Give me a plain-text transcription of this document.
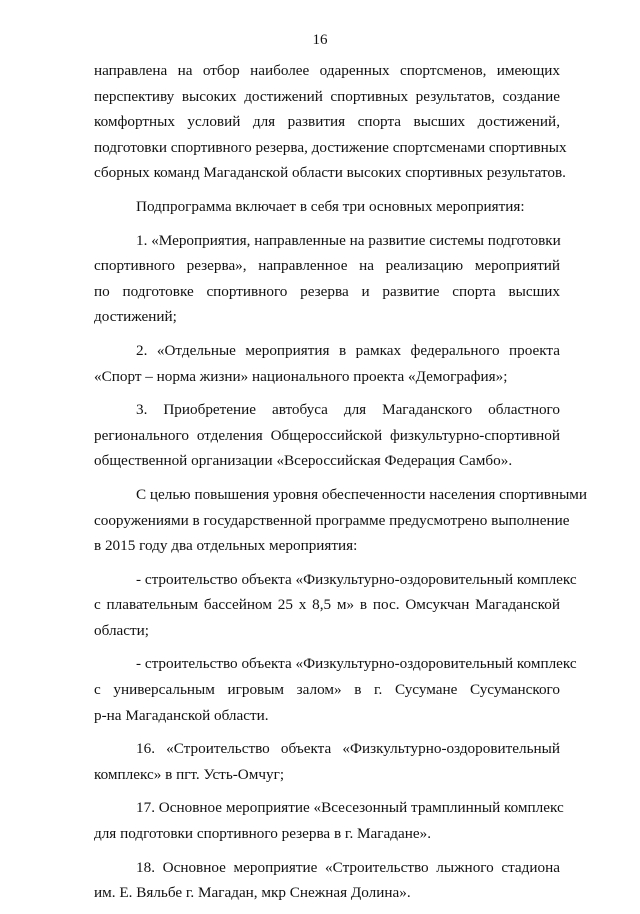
16
направлена на отбор наиболее одаренных спортсменов, имеющих
перспективу высоких достижений спортивных результатов, создание
комфортных условий для развития спорта высших достижений,
подготовки спортивного резерва, достижение спортсменами спортивных
сборных команд Магаданской области высоких спортивных результатов.
Подпрограмма включает в себя три основных мероприятия:
1. «Мероприятия, направленные на развитие системы подготовки
спортивного резерва», направленное на реализацию мероприятий
по подготовке спортивного резерва и развитие спорта высших
достижений;
2. «Отдельные мероприятия в рамках федерального проекта
«Спорт – норма жизни» национального проекта «Демография»;
3. Приобретение автобуса для Магаданского областного
регионального отделения Общероссийской физкультурно-спортивной
общественной организации «Всероссийская Федерация Самбо».
С целью повышения уровня обеспеченности населения спортивными
сооружениями в государственной программе предусмотрено выполнение
в 2015 году два отдельных мероприятия:
- строительство объекта «Физкультурно-оздоровительный комплекс
с плавательным бассейном 25 х 8,5 м» в пос. Омсукчан Магаданской
области;
- строительство объекта «Физкультурно-оздоровительный комплекс
с универсальным игровым залом» в г. Сусумане Сусуманского
р-на Магаданской области.
16. «Строительство объекта «Физкультурно-оздоровительный
комплекс» в пгт. Усть-Омчуг;
17. Основное мероприятие «Всесезонный трамплинный комплекс
для подготовки спортивного резерва в г. Магадане».
18. Основное мероприятие «Строительство лыжного стадиона
им. Е. Вяльбе г. Магадан, мкр Снежная Долина».
